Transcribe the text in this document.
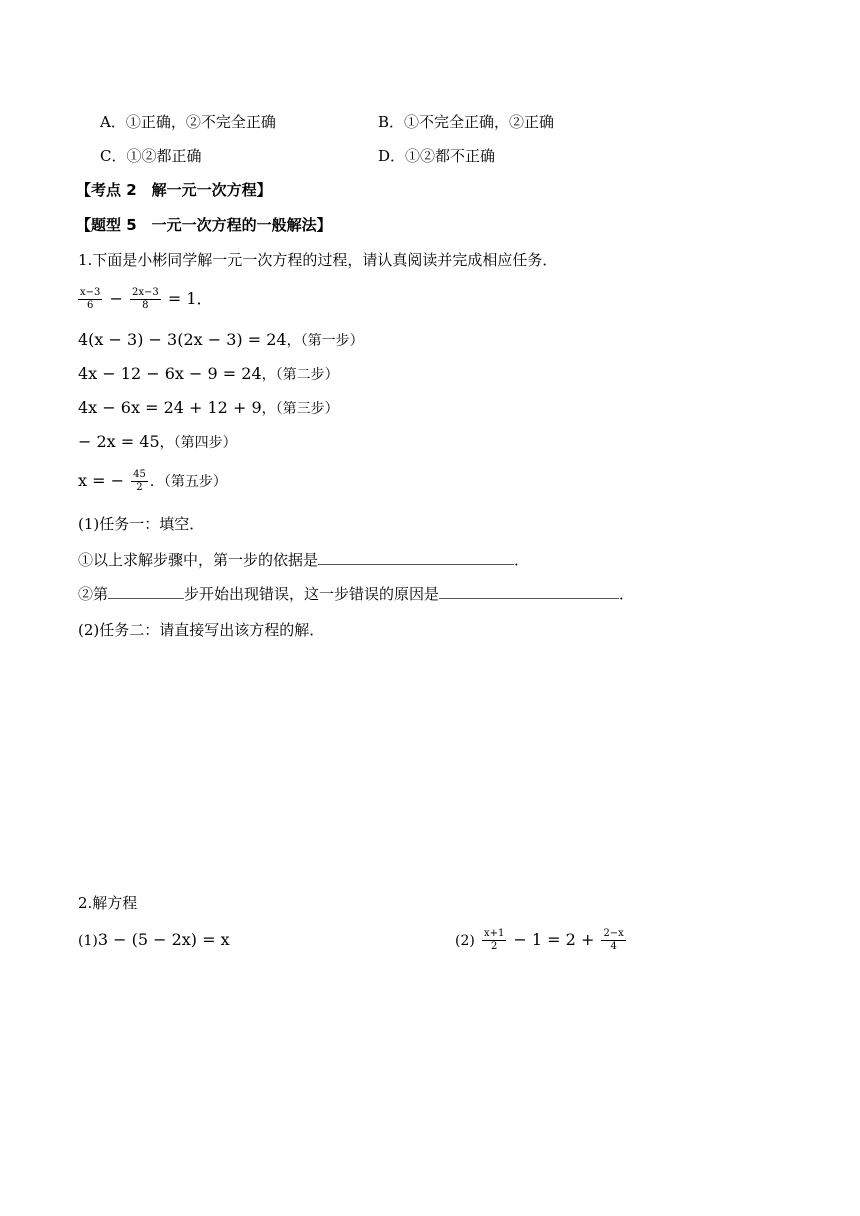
A．①正确，②不完全正确	B．①不完全正确，②正确
C．①②都正确	D．①②都不正确
【考点 2　解一元一次方程】
【题型 5　一元一次方程的一般解法】
1.下面是小彬同学解一元一次方程的过程，请认真阅读并完成相应任务．
$\frac{x-3}{6} - \frac{2x-3}{8} = 1$．
4(x − 3) − 3(2x − 3) = 24，（第一步）
4x − 12 − 6x − 9 = 24，（第二步）
4x − 6x = 24 + 12 + 9，（第三步）
− 2x = 45，（第四步）
x = − $\frac{45}{2}$ ．（第五步）
(1)任务一：填空．
①以上求解步骤中，第一步的依据是	．
②第	步开始出现错误，这一步错误的原因是	．
(2)任务二：请直接写出该方程的解．
2.解方程
(1)3 − (5 − 2x) = x	$(2) \frac{x+1}{2} - 1 = 2 + \frac{2-x}{4}$
